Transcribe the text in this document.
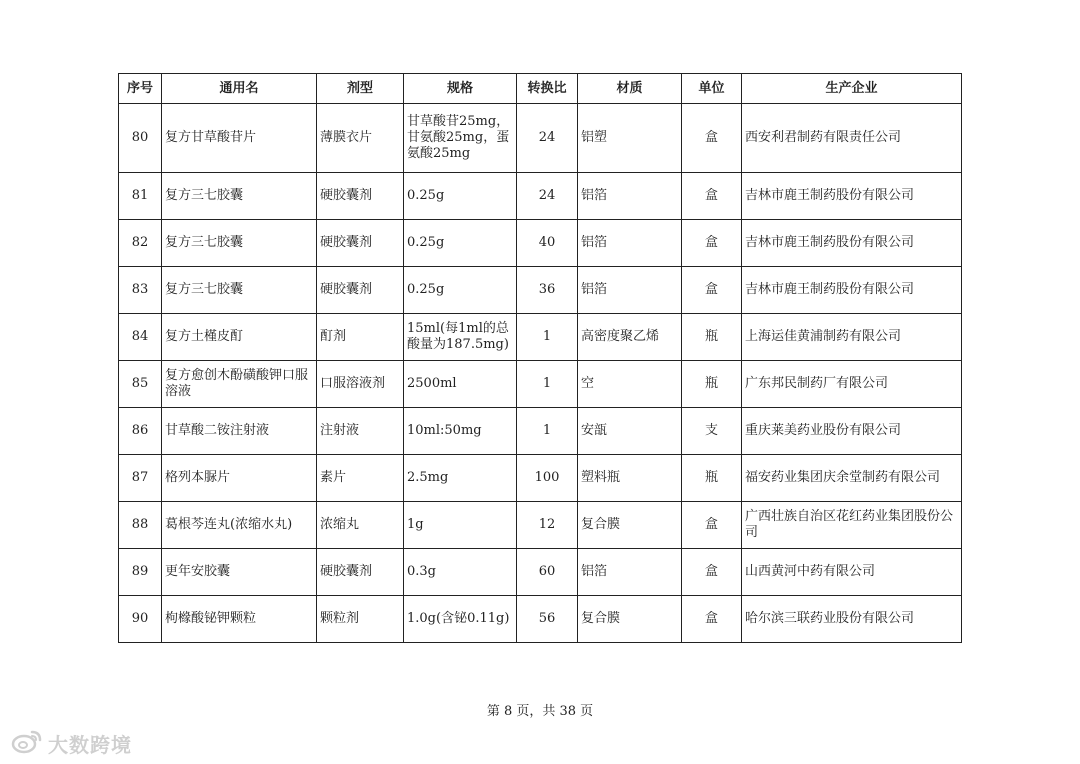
序号	通用名	剂型	规格	转换比	材质	单位	生产企业
80	复方甘草酸苷片	薄膜衣片	甘草酸苷25mg，甘氨酸25mg，蛋氨酸25mg	24	铝塑	盒	西安利君制药有限责任公司
81	复方三七胶囊	硬胶囊剂	0.25g	24	铝箔	盒	吉林市鹿王制药股份有限公司
82	复方三七胶囊	硬胶囊剂	0.25g	40	铝箔	盒	吉林市鹿王制药股份有限公司
83	复方三七胶囊	硬胶囊剂	0.25g	36	铝箔	盒	吉林市鹿王制药股份有限公司
84	复方土槿皮酊	酊剂	15ml(每1ml的总酸量为187.5mg)	1	高密度聚乙烯	瓶	上海运佳黄浦制药有限公司
85	复方愈创木酚磺酸钾口服溶液	口服溶液剂	2500ml	1	空	瓶	广东邦民制药厂有限公司
86	甘草酸二铵注射液	注射液	10ml:50mg	1	安瓿	支	重庆莱美药业股份有限公司
87	格列本脲片	素片	2.5mg	100	塑料瓶	瓶	福安药业集团庆余堂制药有限公司
88	葛根芩连丸(浓缩水丸)	浓缩丸	1g	12	复合膜	盒	广西壮族自治区花红药业集团股份公司
89	更年安胶囊	硬胶囊剂	0.3g	60	铝箔	盒	山西黄河中药有限公司
90	枸橼酸铋钾颗粒	颗粒剂	1.0g(含铋0.11g)	56	复合膜	盒	哈尔滨三联药业股份有限公司
第 8 页，共 38 页
大数跨境
